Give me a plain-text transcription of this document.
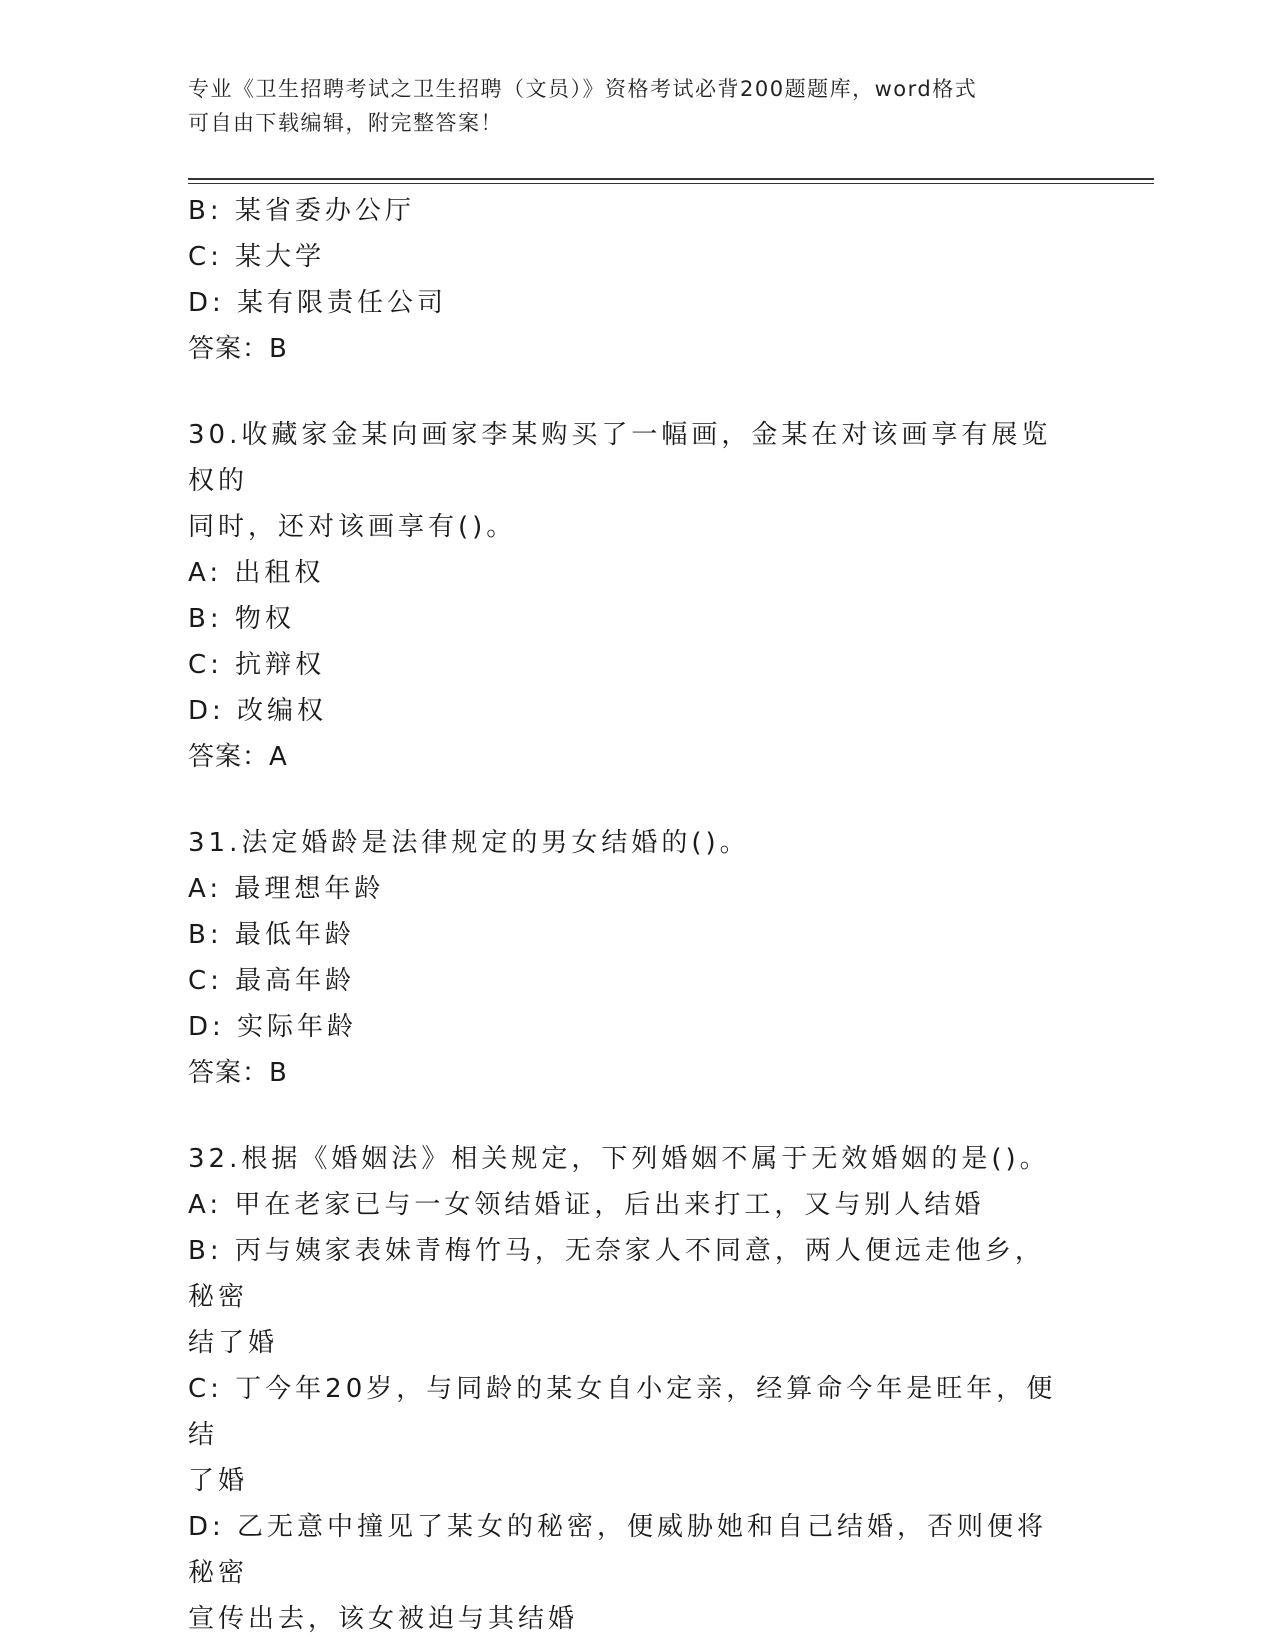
专业《卫生招聘考试之卫生招聘（文员）》资格考试必背200题题库，word格式
可自由下载编辑，附完整答案！
B: 某省委办公厅
C: 某大学
D: 某有限责任公司
答案：B
30.收藏家金某向画家李某购买了一幅画，金某在对该画享有展览权的
同时，还对该画享有()。
A: 出租权
B: 物权
C: 抗辩权
D: 改编权
答案：A
31.法定婚龄是法律规定的男女结婚的()。
A: 最理想年龄
B: 最低年龄
C: 最高年龄
D: 实际年龄
答案：B
32.根据《婚姻法》相关规定，下列婚姻不属于无效婚姻的是()。
A: 甲在老家已与一女领结婚证，后出来打工，又与别人结婚
B: 丙与姨家表妹青梅竹马，无奈家人不同意，两人便远走他乡，秘密
结了婚
C: 丁今年20岁，与同龄的某女自小定亲，经算命今年是旺年，便结
了婚
D: 乙无意中撞见了某女的秘密，便威胁她和自己结婚，否则便将秘密
宣传出去，该女被迫与其结婚
